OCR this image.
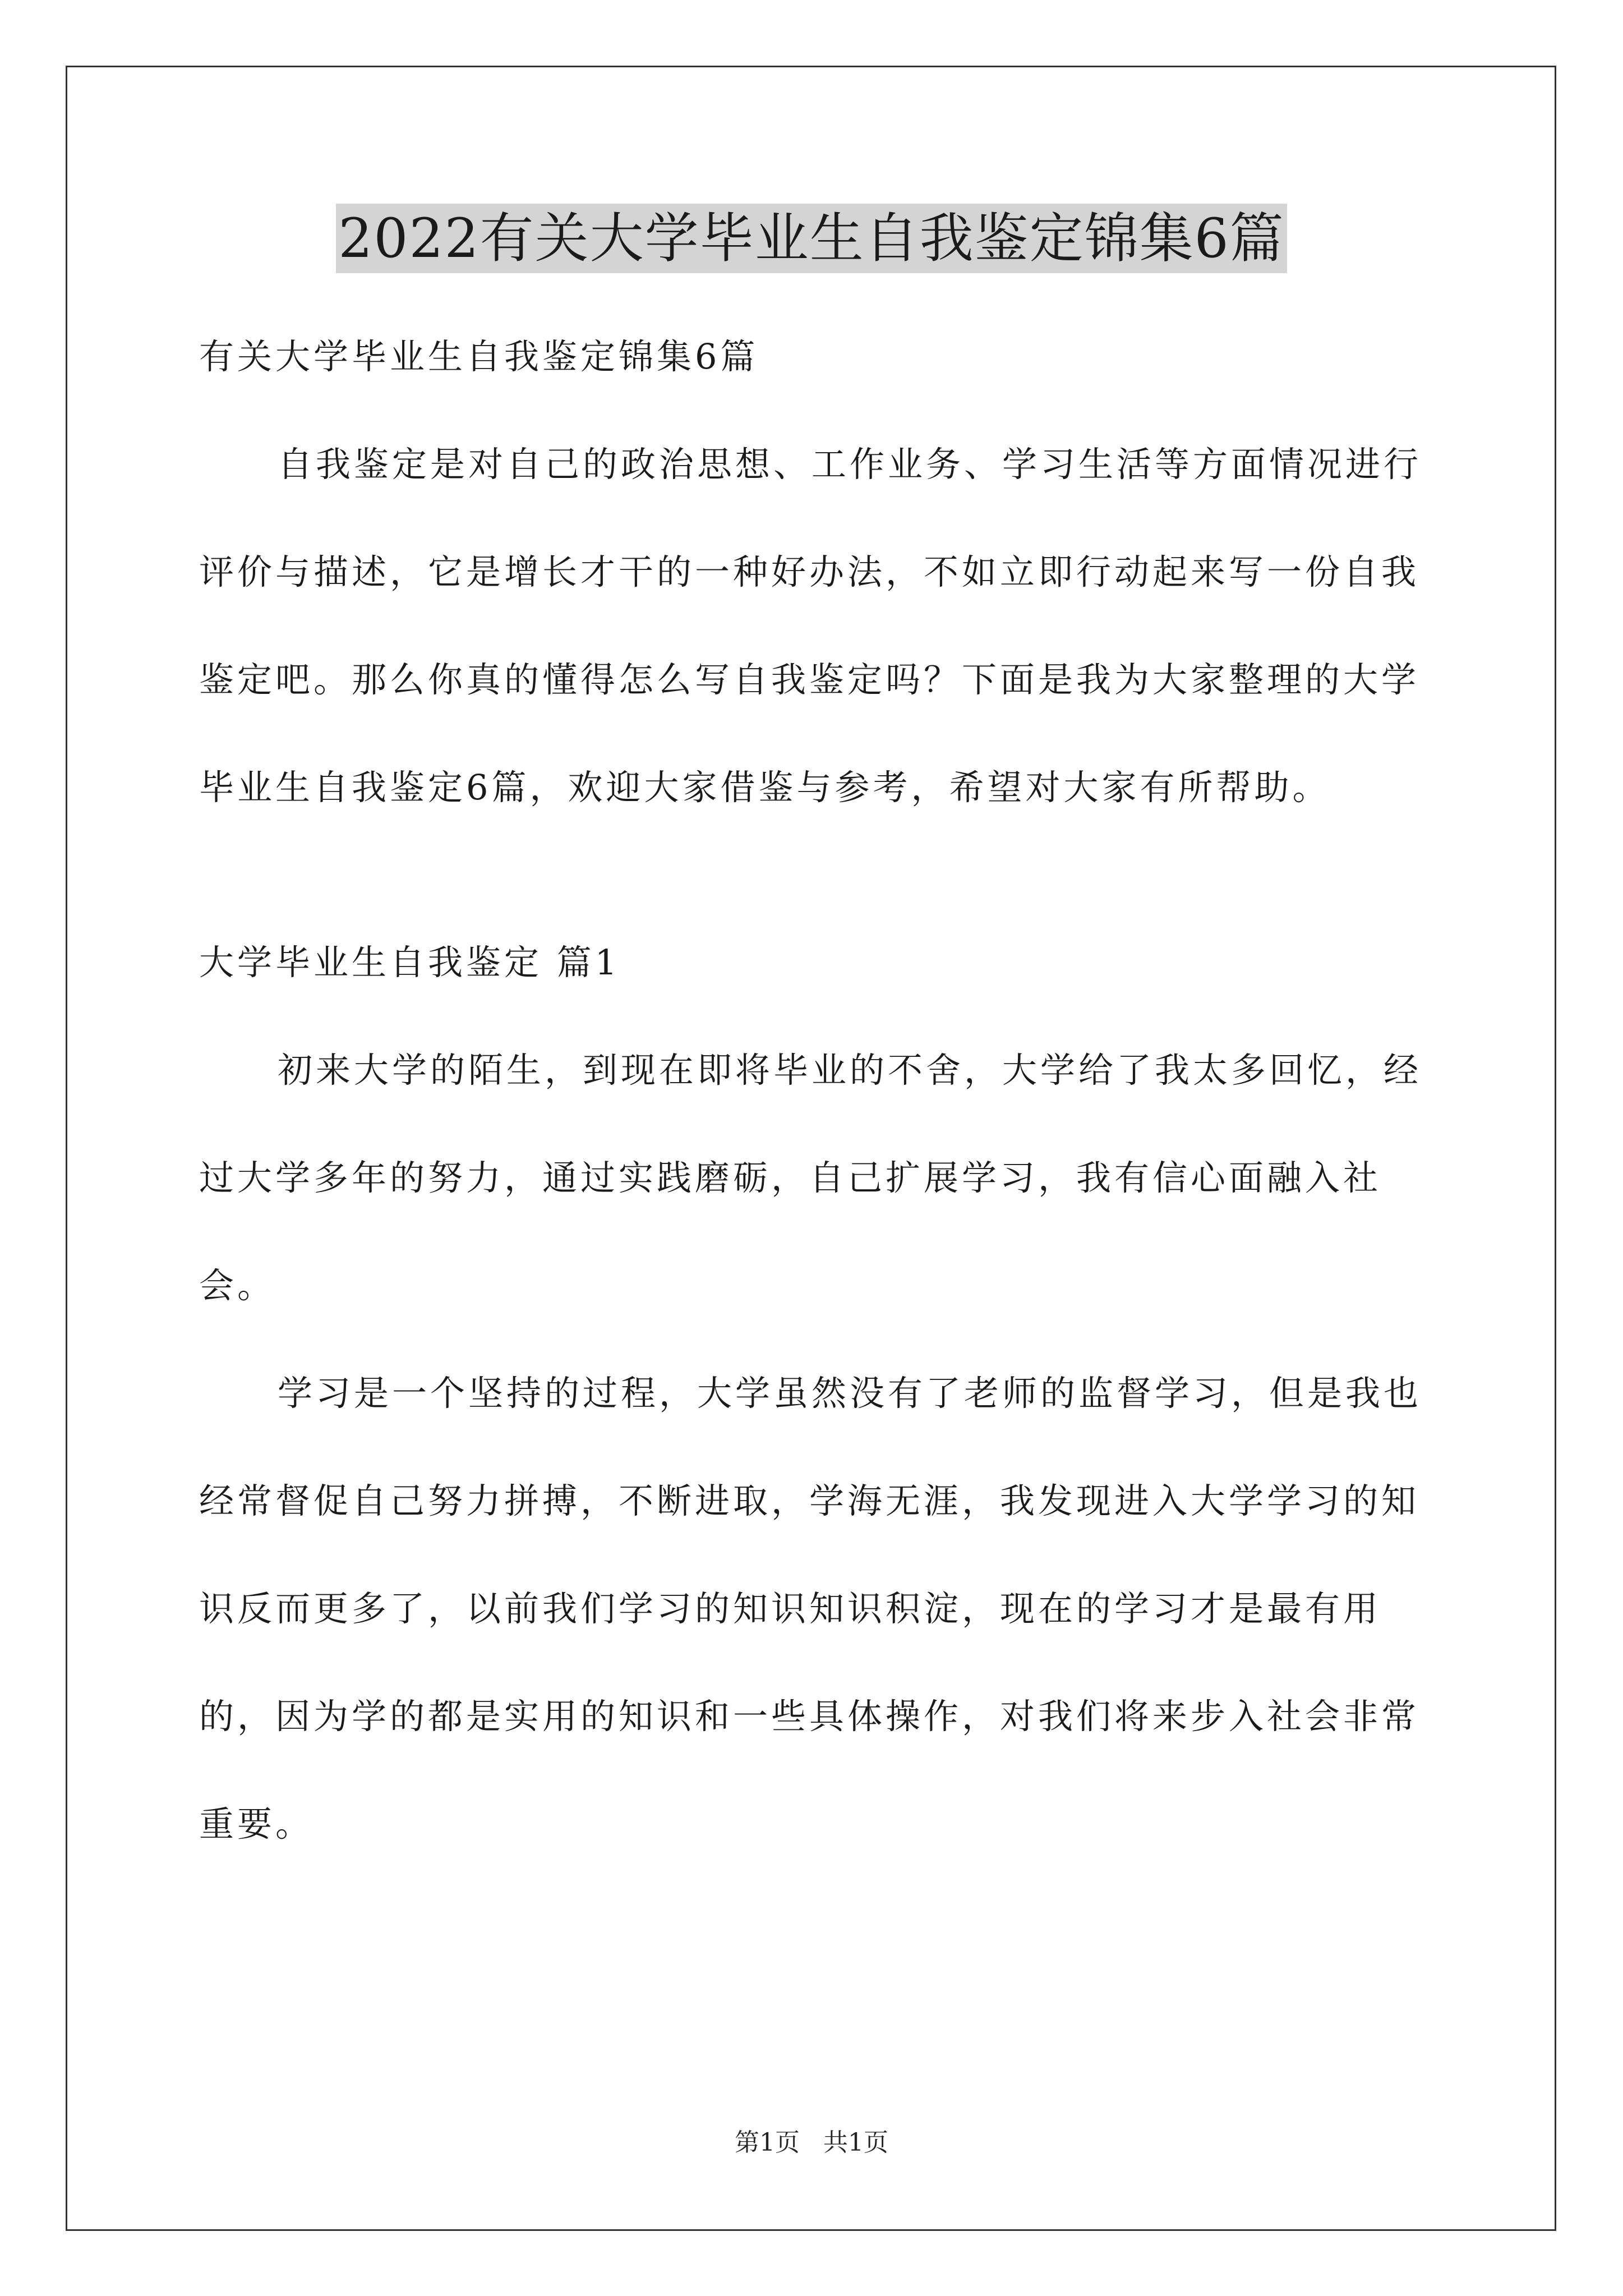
2022有关大学毕业生自我鉴定锦集6篇

有关大学毕业生自我鉴定锦集6篇

自我鉴定是对自己的政治思想、工作业务、学习生活等方面情况进行评价与描述，它是增长才干的一种好办法，不如立即行动起来写一份自我鉴定吧。那么你真的懂得怎么写自我鉴定吗？下面是我为大家整理的大学毕业生自我鉴定6篇，欢迎大家借鉴与参考，希望对大家有所帮助。

大学毕业生自我鉴定 篇1

初来大学的陌生，到现在即将毕业的不舍，大学给了我太多回忆，经过大学多年的努力，通过实践磨砺，自己扩展学习，我有信心面融入社会。

学习是一个坚持的过程，大学虽然没有了老师的监督学习，但是我也经常督促自己努力拼搏，不断进取，学海无涯，我发现进入大学学习的知识反而更多了，以前我们学习的知识知识积淀，现在的学习才是最有用的，因为学的都是实用的知识和一些具体操作，对我们将来步入社会非常重要。

第1页   共1页
